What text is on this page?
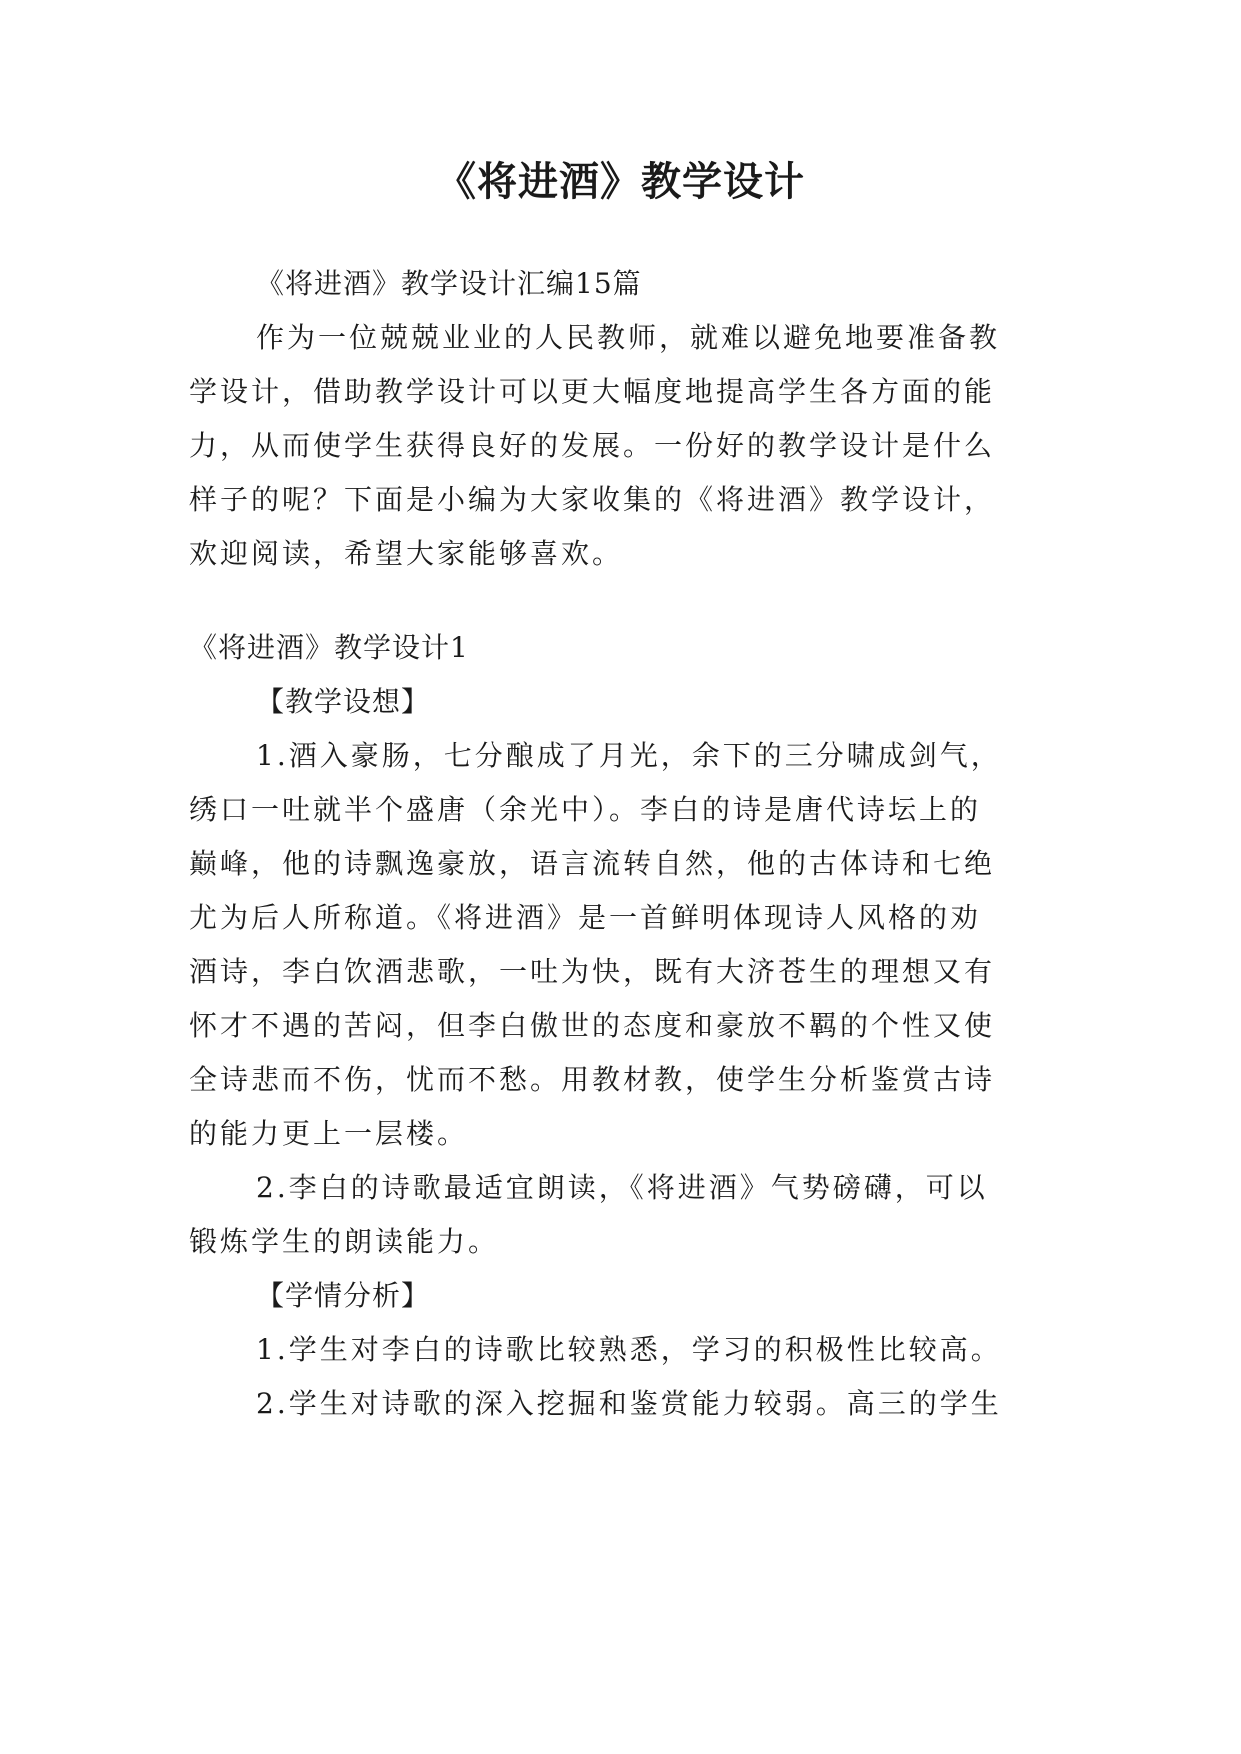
《将进酒》教学设计
《将进酒》教学设计汇编15篇
作为一位兢兢业业的人民教师，就难以避免地要准备教
学设计，借助教学设计可以更大幅度地提高学生各方面的能
力，从而使学生获得良好的发展。一份好的教学设计是什么
样子的呢？下面是小编为大家收集的《将进酒》教学设计，
欢迎阅读，希望大家能够喜欢。
《将进酒》教学设计1
【教学设想】
1.酒入豪肠，七分酿成了月光，余下的三分啸成剑气，
绣口一吐就半个盛唐（余光中）。李白的诗是唐代诗坛上的
巅峰，他的诗飘逸豪放，语言流转自然，他的古体诗和七绝
尤为后人所称道。《将进酒》是一首鲜明体现诗人风格的劝
酒诗，李白饮酒悲歌，一吐为快，既有大济苍生的理想又有
怀才不遇的苦闷，但李白傲世的态度和豪放不羁的个性又使
全诗悲而不伤，忧而不愁。用教材教，使学生分析鉴赏古诗
的能力更上一层楼。
2.李白的诗歌最适宜朗读，《将进酒》气势磅礴，可以
锻炼学生的朗读能力。
【学情分析】
1.学生对李白的诗歌比较熟悉，学习的积极性比较高。
2.学生对诗歌的深入挖掘和鉴赏能力较弱。高三的学生
